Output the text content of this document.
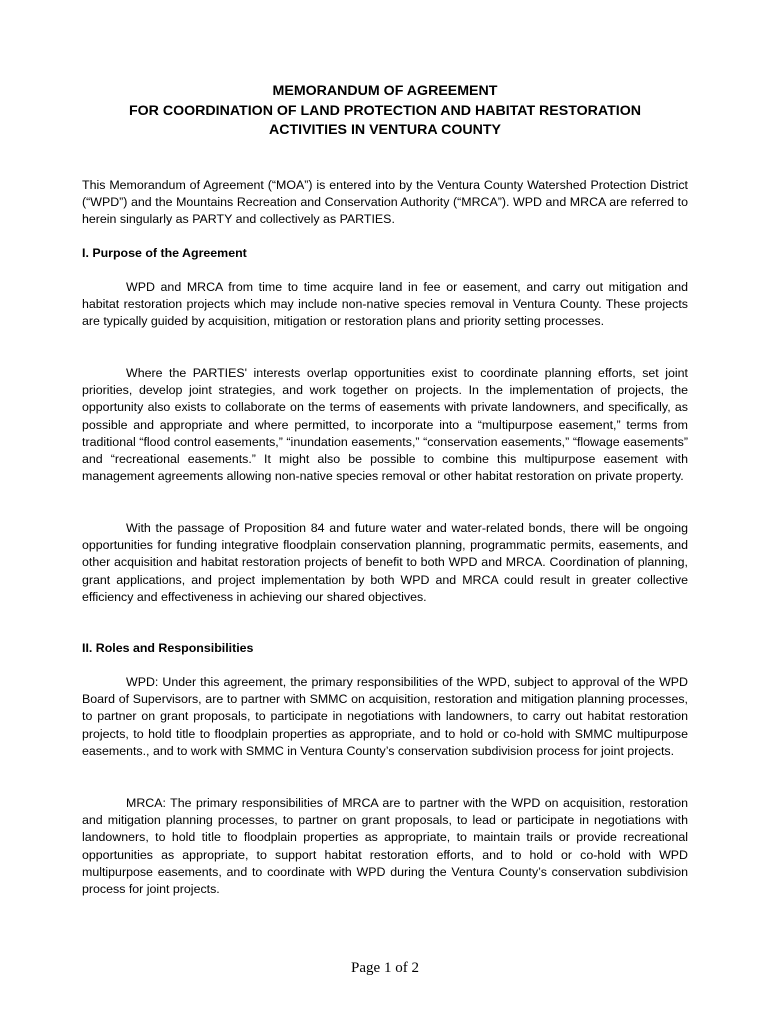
MEMORANDUM OF AGREEMENT
FOR COORDINATION OF LAND PROTECTION AND HABITAT RESTORATION
ACTIVITIES IN VENTURA COUNTY

This Memorandum of Agreement (“MOA”) is entered into by the Ventura County Watershed Protection District (“WPD”) and the Mountains Recreation and Conservation Authority (“MRCA”). WPD and MRCA are referred to herein singularly as PARTY and collectively as PARTIES.

I. Purpose of the Agreement

WPD and MRCA from time to time acquire land in fee or easement, and carry out mitigation and habitat restoration projects which may include non-native species removal in Ventura County. These projects are typically guided by acquisition, mitigation or restoration plans and priority setting processes.

Where the PARTIES' interests overlap opportunities exist to coordinate planning efforts, set joint priorities, develop joint strategies, and work together on projects. In the implementation of projects, the opportunity also exists to collaborate on the terms of easements with private landowners, and specifically, as possible and appropriate and where permitted, to incorporate into a “multipurpose easement,” terms from traditional “flood control easements,” “inundation easements,” “conservation easements,” “flowage easements” and “recreational easements.” It might also be possible to combine this multipurpose easement with management agreements allowing non-native species removal or other habitat restoration on private property.

With the passage of Proposition 84 and future water and water-related bonds, there will be ongoing opportunities for funding integrative floodplain conservation planning, programmatic permits, easements, and other acquisition and habitat restoration projects of benefit to both WPD and MRCA. Coordination of planning, grant applications, and project implementation by both WPD and MRCA could result in greater collective efficiency and effectiveness in achieving our shared objectives.

II. Roles and Responsibilities

WPD: Under this agreement, the primary responsibilities of the WPD, subject to approval of the WPD Board of Supervisors, are to partner with SMMC on acquisition, restoration and mitigation planning processes, to partner on grant proposals, to participate in negotiations with landowners, to carry out habitat restoration projects, to hold title to floodplain properties as appropriate, and to hold or co-hold with SMMC multipurpose easements., and to work with SMMC in Ventura County’s conservation subdivision process for joint projects.

MRCA: The primary responsibilities of MRCA are to partner with the WPD on acquisition, restoration and mitigation planning processes, to partner on grant proposals, to lead or participate in negotiations with landowners, to hold title to floodplain properties as appropriate, to maintain trails or provide recreational opportunities as appropriate, to support habitat restoration efforts, and to hold or co-hold with WPD multipurpose easements, and to coordinate with WPD during the Ventura County’s conservation subdivision process for joint projects.

Page 1 of 2
